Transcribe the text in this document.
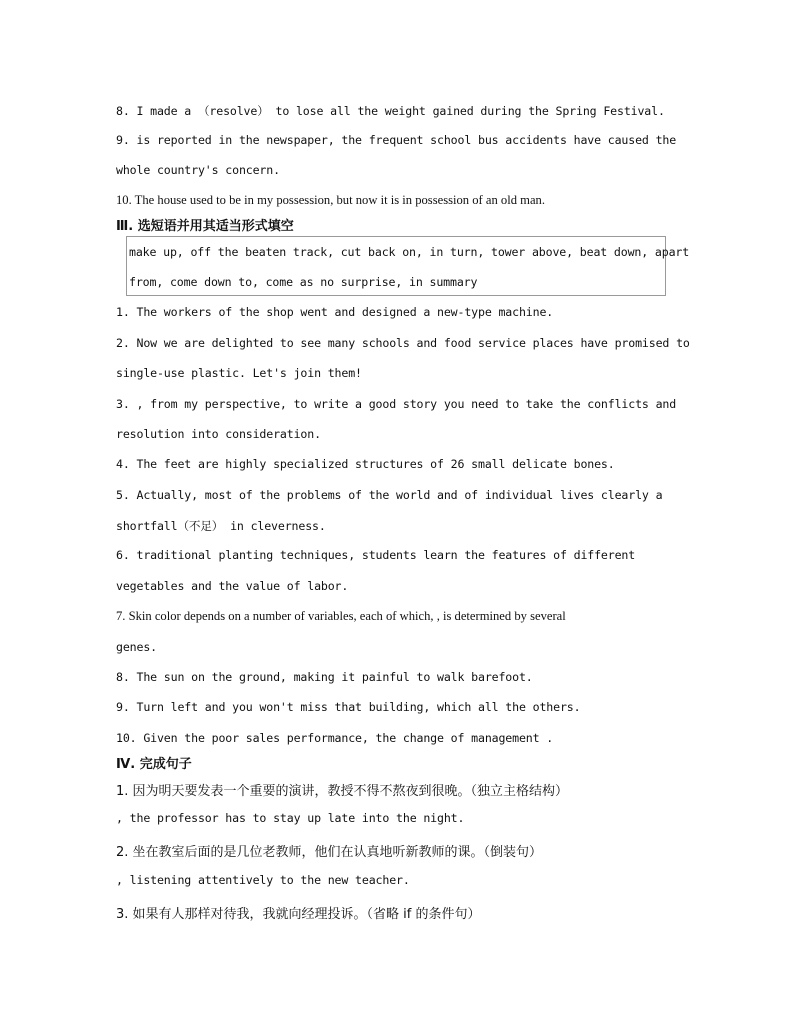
8. I made a （resolve） to lose all the weight gained during the Spring Festival.
9. is reported in the newspaper, the frequent school bus accidents have caused the
whole country's concern.
10. The house used to be in my possession, but now it is in possession of an old man.
Ⅲ. 选短语并用其适当形式填空
make up, off the beaten track, cut back on, in turn, tower above, beat down, apart
from, come down to, come as no surprise, in summary
1. The workers of the shop went and designed a new-type machine.
2. Now we are delighted to see many schools and food service places have promised to
single-use plastic. Let's join them!
3. , from my perspective, to write a good story you need to take the conflicts and
resolution into consideration.
4. The feet are highly specialized structures of 26 small delicate bones.
5. Actually, most of the problems of the world and of individual lives clearly a
shortfall（不足） in cleverness.
6. traditional planting techniques, students learn the features of different
vegetables and the value of labor.
7. Skin color depends on a number of variables, each of which, , is determined by several
genes.
8. The sun on the ground, making it painful to walk barefoot.
9. Turn left and you won't miss that building, which all the others.
10. Given the poor sales performance, the change of management .
Ⅳ. 完成句子
1. 因为明天要发表一个重要的演讲，教授不得不熬夜到很晚。（独立主格结构）
, the professor has to stay up late into the night.
2. 坐在教室后面的是几位老教师，他们在认真地听新教师的课。（倒装句）
, listening attentively to the new teacher.
3. 如果有人那样对待我，我就向经理投诉。（省略 if 的条件句）
